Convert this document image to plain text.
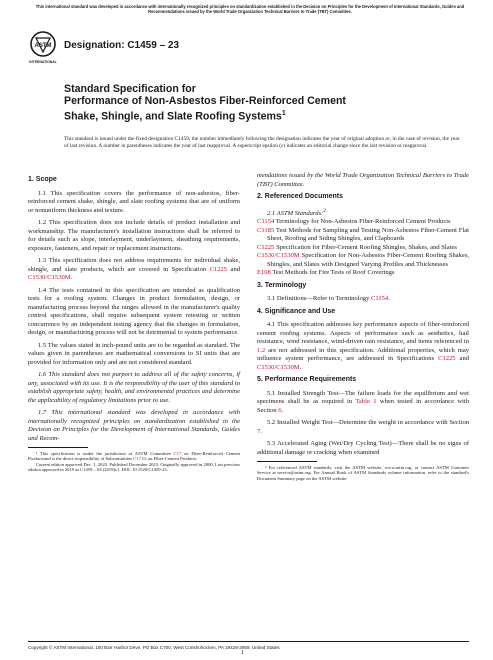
This international standard was developed in accordance with internationally recognized principles on standardization established in the Decision on Principles for the Development of International Standards, Guides and Recommendations issued by the World Trade Organization Technical Barriers to Trade (TBT) Committee.
ASTM
INTERNATIONAL
Designation: C1459 – 23
Standard Specification for
Performance of Non-Asbestos Fiber-Reinforced Cement
Shake, Shingle, and Slate Roofing Systems$^1$
This standard is issued under the fixed designation C1459; the number immediately following the designation indicates the year of original adoption or, in the case of revision, the year of last revision. A number in parentheses indicates the year of last reapproval. A superscript epsilon (ε) indicates an editorial change since the last revision or reapproval.
1. Scope

1.1 This specification covers the performance of non-asbestos, fiber-reinforced cement shake, shingle, and slate roofing systems that are of uniform or nonuniform thickness and texture.

1.2 This specification does not include details of product installation and workmanship. The manufacturer's installation instructions shall be referred to for details such as slope, interlayment, underlayment, sheathing requirements, exposure, fasteners, and repair or replacement instructions.

1.3 This specification does not address requirements for individual shake, shingle, and slate products, which are covered in Specification C1225 and C1530/C1530M.

1.4 The tests contained in this specification are intended as qualification tests for a roofing system. Changes in product formulation, design, or manufacturing process beyond the ranges allowed in the manufacturer's quality control specifications, shall require subsequent system retesting or written concurrence by an independent testing agency that the changes in formulation, design, or manufacturing process will not be detrimental to system performance.

1.5 The values stated in inch-pound units are to be regarded as standard. The values given in parentheses are mathematical conversions to SI units that are provided for information only and are not considered standard.

1.6 This standard does not purport to address all of the safety concerns, if any, associated with its use. It is the responsibility of the user of this standard to establish appropriate safety, health, and environmental practices and determine the applicability of regulatory limitations prior to use.

1.7 This international standard was developed in accordance with internationally recognized principles on standardization established in the Decision on Principles for the Development of International Standards, Guides and Recom-

¹ This specification is under the jurisdiction of ASTM Committee C17 on Fiber-Reinforced Cement Productsand is the direct responsibility of Subcommittee C17.02 on Fiber-Cement Products.
Current edition approved Dec. 1, 2023. Published December 2023. Originally approved in 2000. Last previous edition approved in 2019 as C1459 – 04 (2019)ε1. DOI: 10.1520/C1459-23.

mendations issued by the World Trade Organization Technical Barriers to Trade (TBT) Committee.

2. Referenced Documents

2.1 ASTM Standards:$^2$

C1154 Terminology for Non-Asbestos Fiber-Reinforced Cement Products

C1185 Test Methods for Sampling and Testing Non-Asbestos Fiber-Cement Flat Sheet, Roofing and Siding Shingles, and Clapboards

C1225 Specification for Fiber-Cement Roofing Shingles, Shakes, and Slates

C1530/C1530M Specification for Non-Asbestos Fiber-Cement Roofing Shakes, Shingles, and Slates with Designed Varying Profiles and Thicknesses

E108 Test Methods for Fire Tests of Roof Coverings

3. Terminology

3.1 Definitions—Refer to Terminology C1154.

4. Significance and Use

4.1 This specification addresses key performance aspects of fiber-reinforced cement roofing systems. Aspects of performance such as aesthetics, hail resistance, wind resistance, wind-driven rain resistance, and items referenced in 1.2 are not addressed in this specification. Additional properties, which may influence system performance, are addressed in Specifications C1225 and C1530/C1530M.

5. Performance Requirements

5.1 Installed Strength Test—The failure loads for the equilibrium and wet specimens shall be as required in Table 1 when tested in accordance with Section 6.

5.2 Installed Weight Test—Determine the weight in accordance with Section 7.

5.3 Accelerated Aging (Wet/Dry Cycling Test)—There shall be no signs of additional damage or cracking when examined

² For referenced ASTM standards, visit the ASTM website, www.astm.org, or contact ASTM Customer Service at service@astm.org. For Annual Book of ASTM Standards volume information, refer to the standard's Document Summary page on the ASTM website.
Copyright © ASTM International, 100 Barr Harbor Drive, PO Box C700, West Conshohocken, PA 19428-2959. United States
1
